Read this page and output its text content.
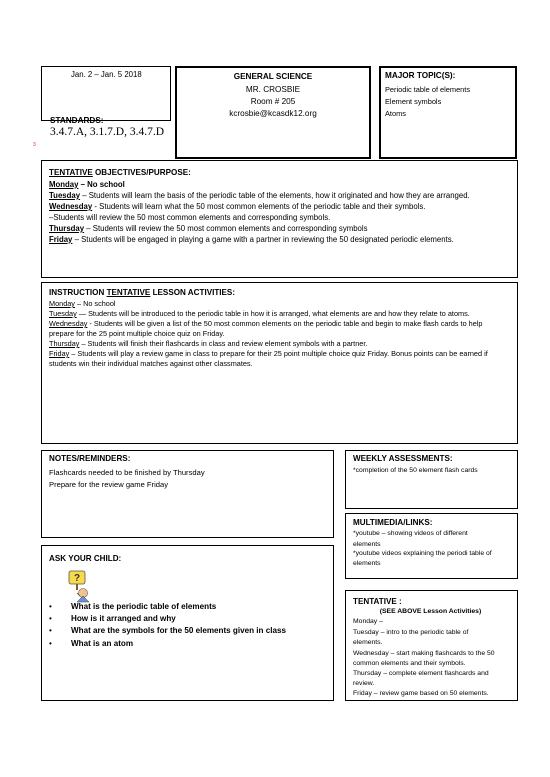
Jan. 2 – Jan. 5 2018	GENERAL SCIENCE
MR. CROSBIE
Room # 205
kcrosbie@kcasdk12.org
STANDARDS:
3.4.7.A, 3.1.7.D, 3.4.7.D
3
MAJOR TOPIC(S):
Periodic table of elements
Element symbols
Atoms
TENTATIVE OBJECTIVES/PURPOSE:
Monday – No school
Tuesday – Students will learn the basis of the periodic table of the elements, how it originated and how they are arranged.
Wednesday - Students will learn what the 50 most common elements of the periodic table and their symbols.
–Students will review the 50 most common elements and corresponding symbols.
Thursday – Students will review the 50 most common elements and corresponding symbols
Friday – Students will be engaged in playing a game with a partner in reviewing the 50 designated periodic elements.
INSTRUCTION TENTATIVE LESSON ACTIVITIES:
Monday – No school
Tuesday — Students will be introduced to the periodic table in how it is arranged, what elements are and how they relate to atoms.
Wednesday - Students will be given a list of the 50 most common elements on the periodic table and begin to make flash cards to help
prepare for the 25 point multiple choice quiz on Friday.
Thursday – Students will finish their flashcards in class and review element symbols with a partner.
Friday – Students will play a review game in class to prepare for their 25 point multiple choice quiz Friday. Bonus points can be earned if
students win their individual matches against other classmates.
NOTES/REMINDERS:
Flashcards needed to be finished by Thursday
Prepare for the review game Friday
WEEKLY ASSESSMENTS:
*completion of the 50 element flash cards
MULTIMEDIA/LINKS:
*youtube – showing videos of different
elements
*youtube videos explaining the periodi table of
elements
ASK YOUR CHILD:
?
• What is the periodic table of elements
• How is it arranged and why
• What are the symbols for the 50 elements given in class
• What is an atom
TENTATIVE :
(SEE ABOVE Lesson Activities)
Monday –
Tuesday – intro to the periodic table of
elements.
Wednesday – start making flashcards to the 50
common elements and their symbols.
Thursday – complete element flashcards and
review.
Friday – review game based on 50 elements.
